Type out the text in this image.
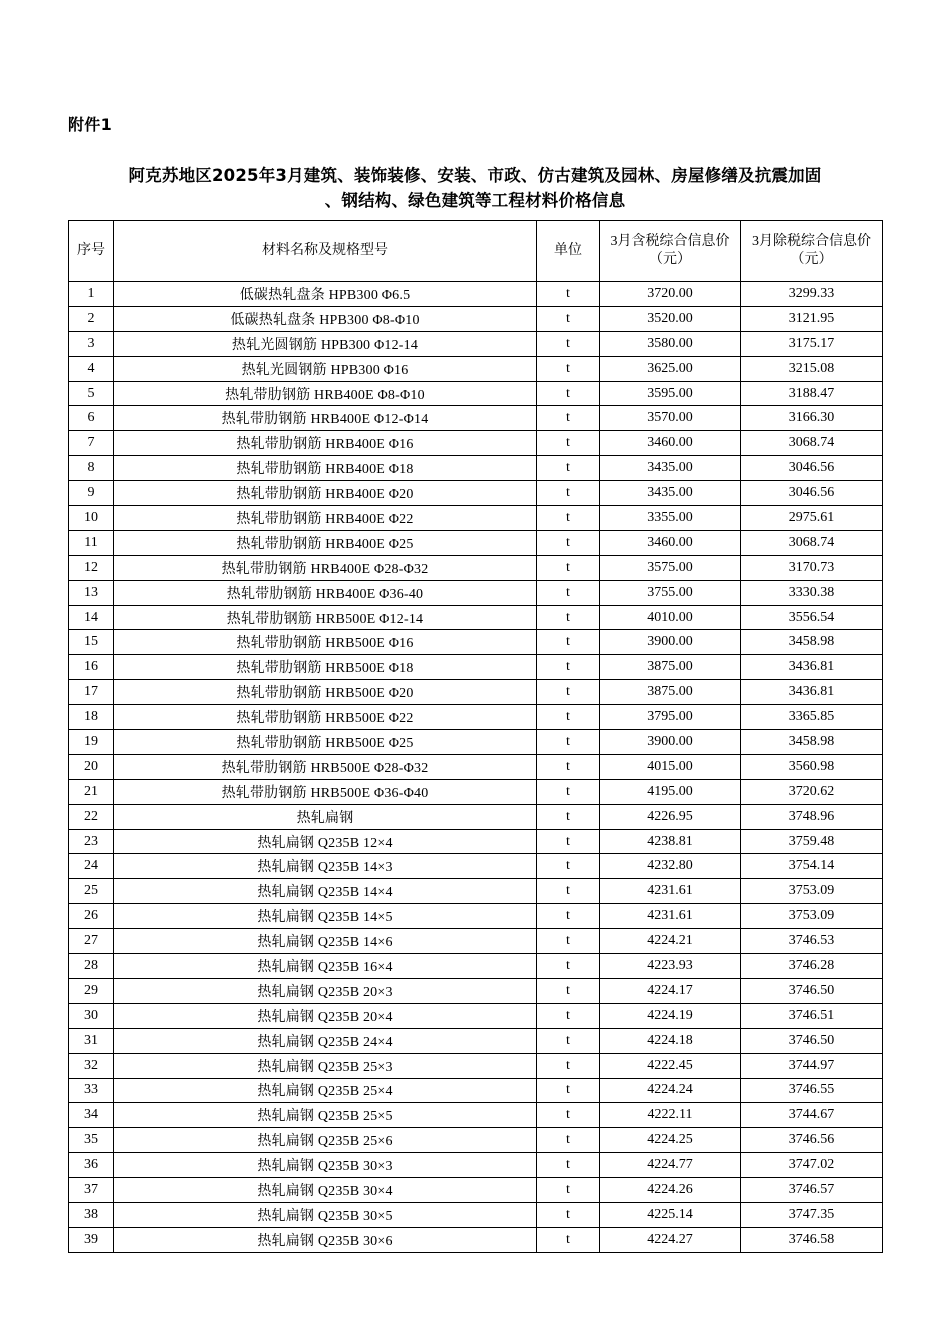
附件1
阿克苏地区2025年3月建筑、装饰装修、安装、市政、仿古建筑及园林、房屋修缮及抗震加固
、钢结构、绿色建筑等工程材料价格信息
序号	材料名称及规格型号	单位	3月含税综合信息价（元）	3月除税综合信息价（元）
1	低碳热轧盘条 HPB300 Φ6.5	t	3720.00	3299.33
2	低碳热轧盘条 HPB300 Φ8-Φ10	t	3520.00	3121.95
3	热轧光圆钢筋 HPB300 Φ12-14	t	3580.00	3175.17
4	热轧光圆钢筋 HPB300 Φ16	t	3625.00	3215.08
5	热轧带肋钢筋 HRB400E Φ8-Φ10	t	3595.00	3188.47
6	热轧带肋钢筋 HRB400E Φ12-Φ14	t	3570.00	3166.30
7	热轧带肋钢筋 HRB400E Φ16	t	3460.00	3068.74
8	热轧带肋钢筋 HRB400E Φ18	t	3435.00	3046.56
9	热轧带肋钢筋 HRB400E Φ20	t	3435.00	3046.56
10	热轧带肋钢筋 HRB400E Φ22	t	3355.00	2975.61
11	热轧带肋钢筋 HRB400E Φ25	t	3460.00	3068.74
12	热轧带肋钢筋 HRB400E Φ28-Φ32	t	3575.00	3170.73
13	热轧带肋钢筋 HRB400E Φ36-40	t	3755.00	3330.38
14	热轧带肋钢筋 HRB500E Φ12-14	t	4010.00	3556.54
15	热轧带肋钢筋 HRB500E Φ16	t	3900.00	3458.98
16	热轧带肋钢筋 HRB500E Φ18	t	3875.00	3436.81
17	热轧带肋钢筋 HRB500E Φ20	t	3875.00	3436.81
18	热轧带肋钢筋 HRB500E Φ22	t	3795.00	3365.85
19	热轧带肋钢筋 HRB500E Φ25	t	3900.00	3458.98
20	热轧带肋钢筋 HRB500E Φ28-Φ32	t	4015.00	3560.98
21	热轧带肋钢筋 HRB500E Φ36-Φ40	t	4195.00	3720.62
22	热轧扁钢	t	4226.95	3748.96
23	热轧扁钢 Q235B 12×4	t	4238.81	3759.48
24	热轧扁钢 Q235B 14×3	t	4232.80	3754.14
25	热轧扁钢 Q235B 14×4	t	4231.61	3753.09
26	热轧扁钢 Q235B 14×5	t	4231.61	3753.09
27	热轧扁钢 Q235B 14×6	t	4224.21	3746.53
28	热轧扁钢 Q235B 16×4	t	4223.93	3746.28
29	热轧扁钢 Q235B 20×3	t	4224.17	3746.50
30	热轧扁钢 Q235B 20×4	t	4224.19	3746.51
31	热轧扁钢 Q235B 24×4	t	4224.18	3746.50
32	热轧扁钢 Q235B 25×3	t	4222.45	3744.97
33	热轧扁钢 Q235B 25×4	t	4224.24	3746.55
34	热轧扁钢 Q235B 25×5	t	4222.11	3744.67
35	热轧扁钢 Q235B 25×6	t	4224.25	3746.56
36	热轧扁钢 Q235B 30×3	t	4224.77	3747.02
37	热轧扁钢 Q235B 30×4	t	4224.26	3746.57
38	热轧扁钢 Q235B 30×5	t	4225.14	3747.35
39	热轧扁钢 Q235B 30×6	t	4224.27	3746.58
